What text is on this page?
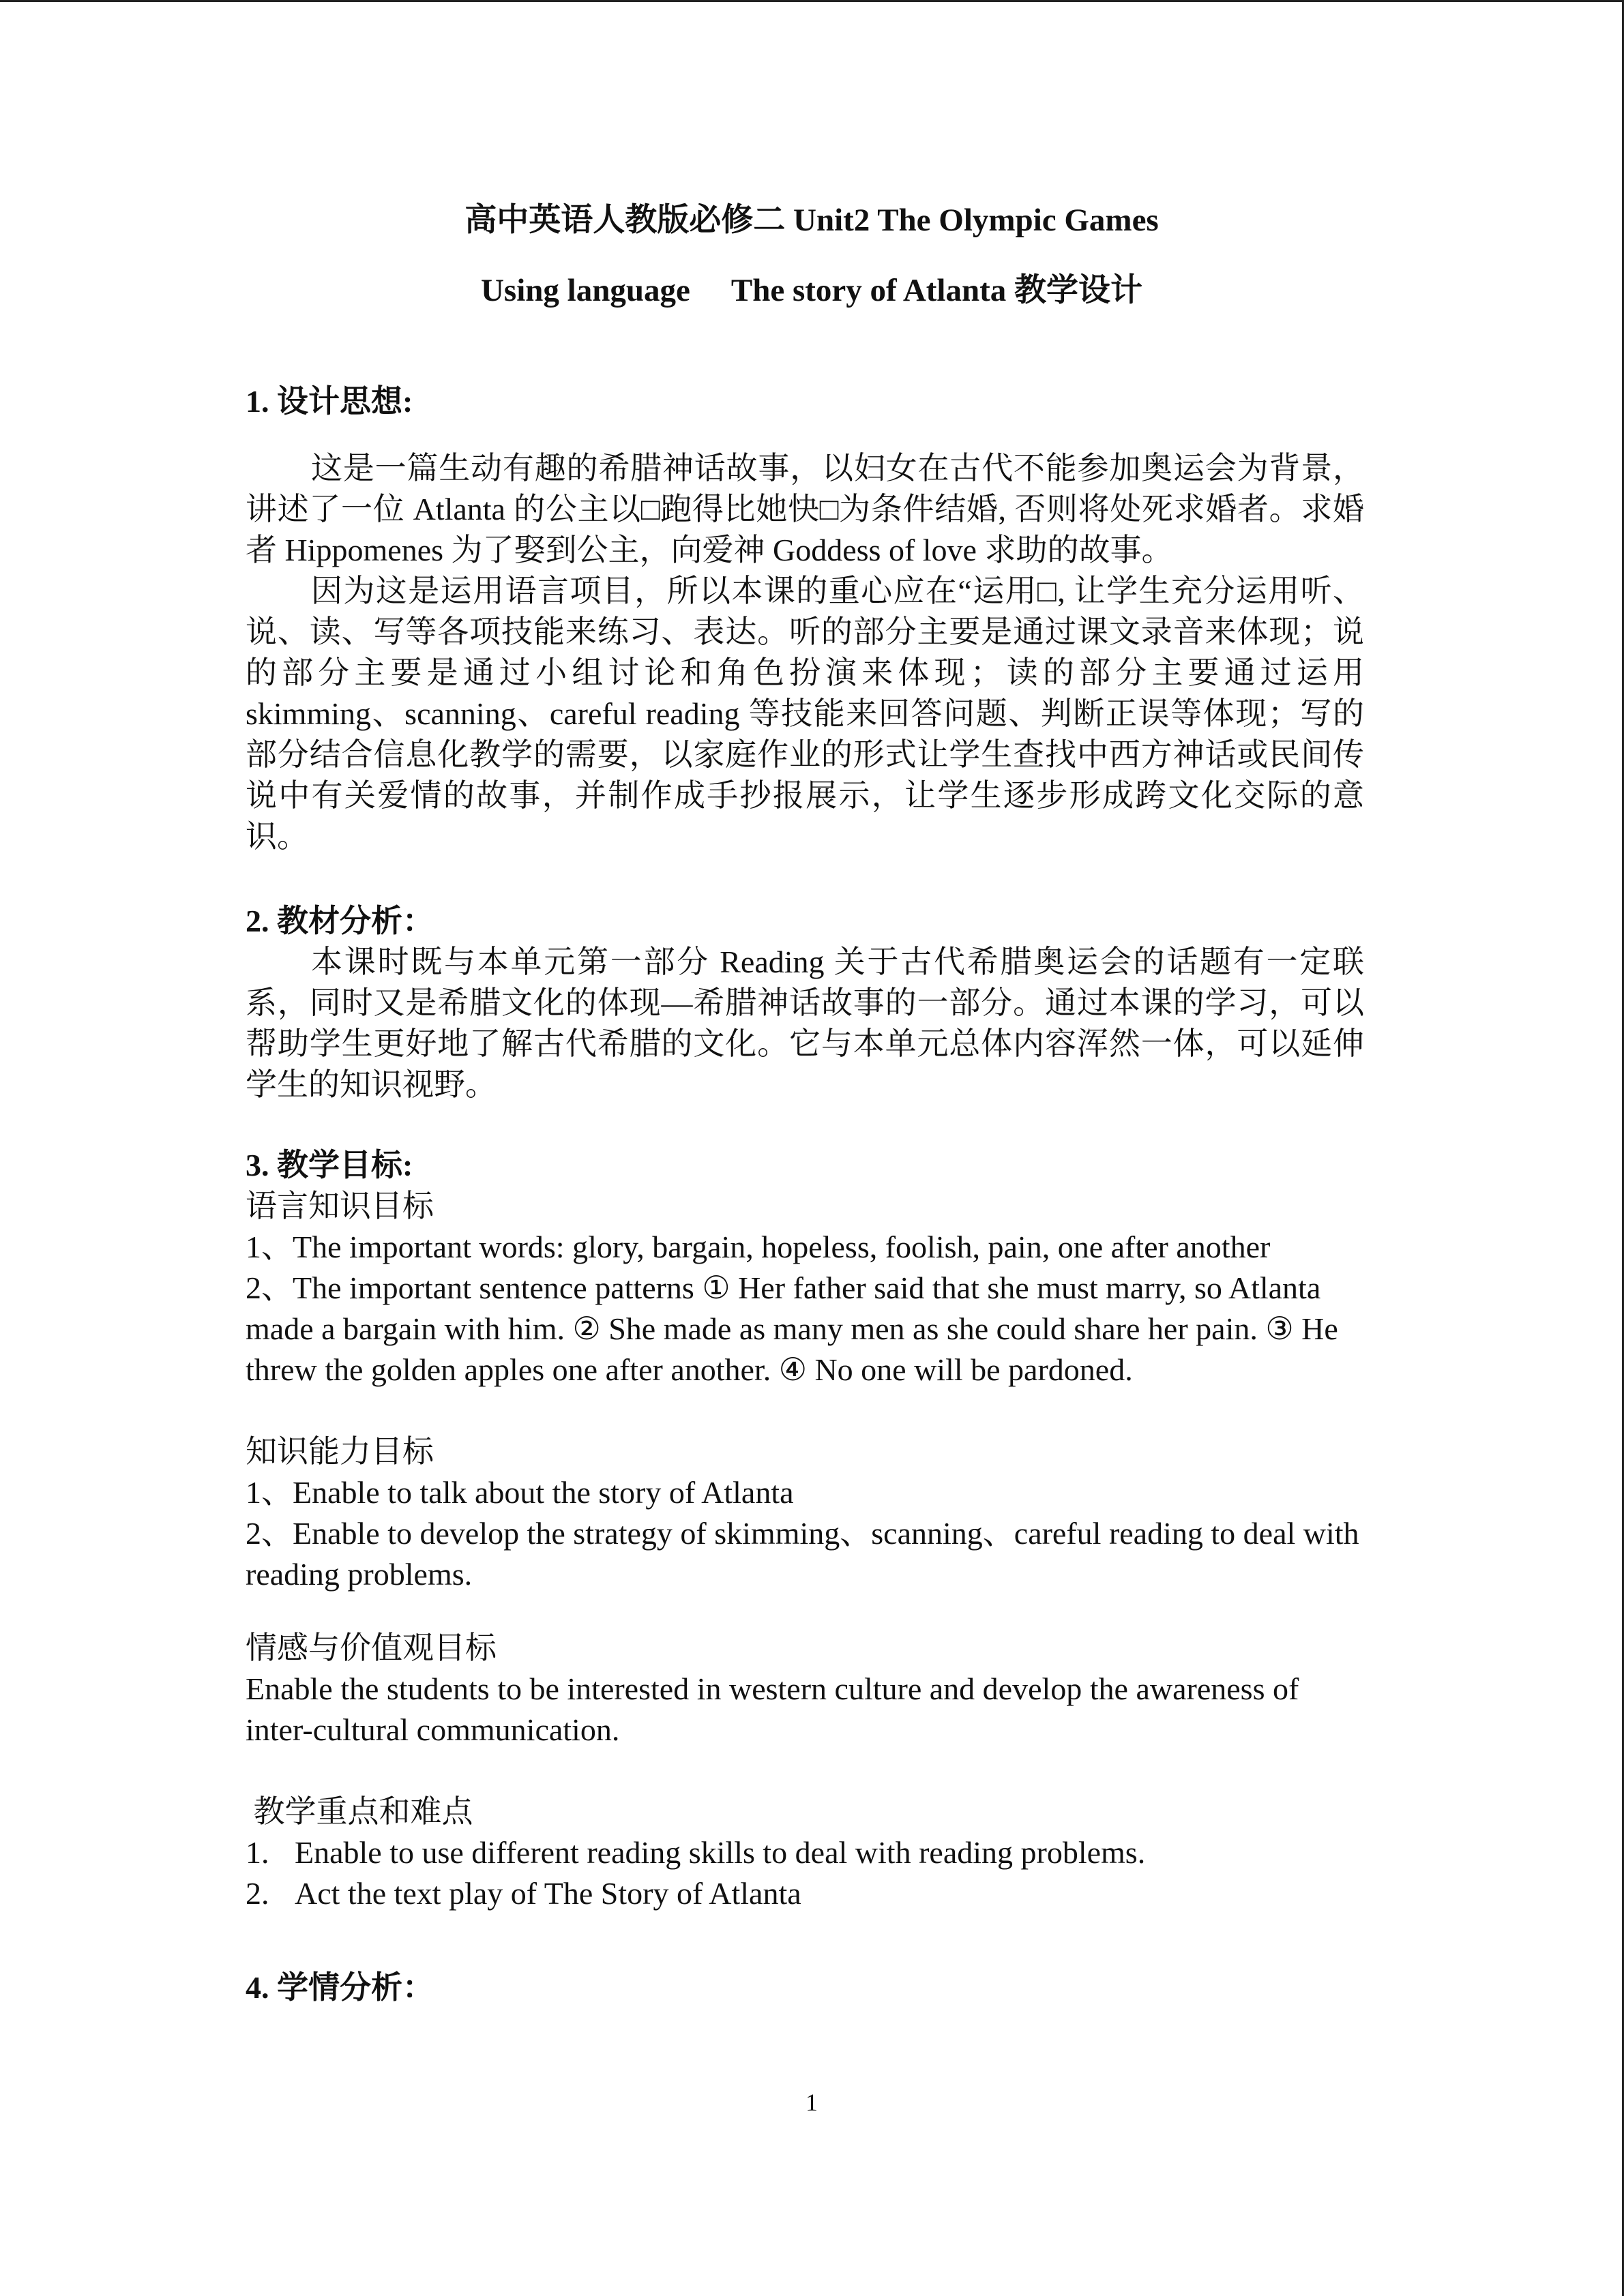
高中英语人教版必修二 Unit2 The Olympic Games
Using language The story of Atlanta 教学设计
1. 设计思想:

这是一篇生动有趣的希腊神话故事，以妇女在古代不能参加奥运会为背景，讲述了一位 Atlanta 的公主以□跑得比她快□为条件结婚, 否则将处死求婚者。求婚者 Hippomenes 为了娶到公主，向爱神 Goddess of love 求助的故事。

因为这是运用语言项目，所以本课的重心应在“运用□, 让学生充分运用听、说、读、写等各项技能来练习、表达。听的部分主要是通过课文录音来体现；说的部分主要是通过小组讨论和角色扮演来体现；读的部分主要通过运用 skimming、scanning、careful reading 等技能来回答问题、判断正误等体现；写的部分结合信息化教学的需要，以家庭作业的形式让学生查找中西方神话或民间传说中有关爱情的故事，并制作成手抄报展示，让学生逐步形成跨文化交际的意识。

2. 教材分析：

本课时既与本单元第一部分 Reading 关于古代希腊奥运会的话题有一定联系，同时又是希腊文化的体现—希腊神话故事的一部分。通过本课的学习，可以帮助学生更好地了解古代希腊的文化。它与本单元总体内容浑然一体，可以延伸学生的知识视野。

3. 教学目标:

语言知识目标

1、The important words: glory, bargain, hopeless, foolish, pain, one after another

2、The important sentence patterns ① Her father said that she must marry, so Atlanta made a bargain with him. ② She made as many men as she could share her pain. ③ He threw the golden apples one after another. ④ No one will be pardoned.

知识能力目标

1、Enable to talk about the story of Atlanta

2、Enable to develop the strategy of skimming、scanning、careful reading to deal with reading problems.

情感与价值观目标

Enable the students to be interested in western culture and develop the awareness of inter-cultural communication.

教学重点和难点

1. Enable to use different reading skills to deal with reading problems.

2. Act the text play of The Story of Atlanta

4. 学情分析：
1
